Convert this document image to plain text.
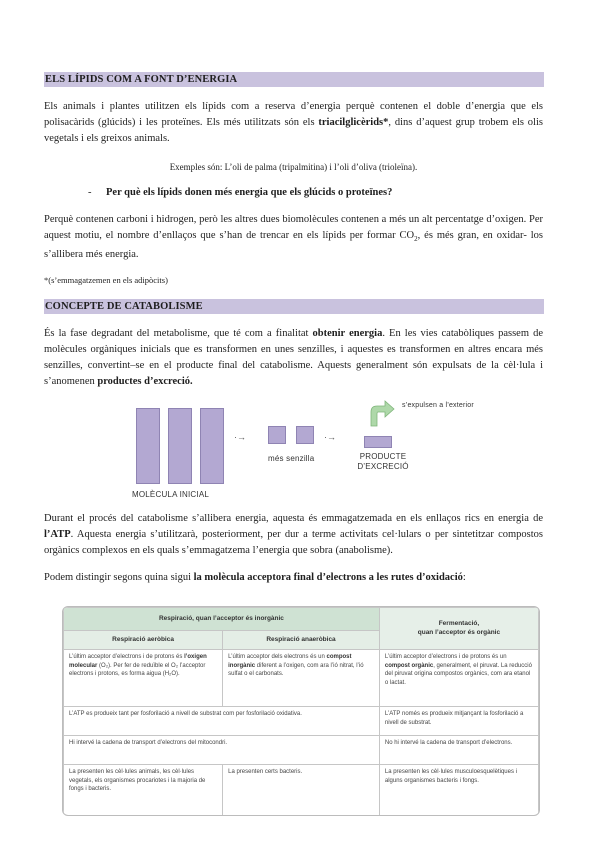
ELS LÍPIDS COM A FONT D’ENERGIA

Els animals i plantes utilitzen els lípids com a reserva d’energia perquè contenen el doble d’energia que els polisacàrids (glúcids) i les proteïnes. Els més utilitzats són els triacilglicèrids*, dins d’aquest grup trobem els olis vegetals i els greixos animals.

Exemples són: L’oli de palma (tripalmitina) i l’oli d’oliva (trioleïna).
- Per què els lípids donen més energia que els glúcids o proteïnes?

Perquè contenen carboni i hidrogen, però les altres dues biomolècules contenen a més un alt percentatge d’oxigen. Per aquest motiu, el nombre d’enllaços que s’han de trencar en els lípids per formar $CO_2$, és més gran, en oxidar- los s’allibera més energia.

*(s’emmagatzemen en els adipòcits)
CONCEPTE DE CATABOLISME

És la fase degradant del metabolisme, que té com a finalitat obtenir energia. En les vies catabòliques passem de molècules orgàniques inicials que es transformen en unes senzilles, i aquestes es transformen en altres encara més senzilles, convertint–se en el producte final del catabolisme. Aquests generalment són expulsats de la cèl·lula i s’anomenen productes d’excreció.

·→	·→
s’expulsen a l’exterior
més senzilla	PRODUCTE
D’EXCRECIÓ
MOLÈCULA INICIAL

Durant el procés del catabolisme s’allibera energia, aquesta és emmagatzemada en els enllaços rics en energia de l’ATP. Aquesta energia s’utilitzarà, posteriorment, per dur a terme activitats cel·lulars o per sintetitzar compostos orgànics complexos en els quals s’emmagatzema l’energia que sobra (anabolisme).

Podem distingir segons quina sigui la molècula acceptora final d’electrons a les rutes d’oxidació:

Respiració, quan l’acceptor és inorgànic		Fermentació,
quan l’acceptor és orgànic
Respiració aeròbica	Respiració anaeròbica	
L’últim acceptor d’electrons i de protons és l’oxigen molecular (O₂). Per fer de reduïble el O₂ l’acceptor electrons i protons, es forma aigua (H₂O).	L’últim acceptor dels electrons és un compost inorgànic diferent a l’oxigen, com ara l’ió nitrat, l’ió sulfat o el carbonats.	L’últim acceptor d’electrons i de protons és un compost orgànic, generalment, el piruvat. La reducció del piruvat origina compostos orgànics, com ara etanol o lactat.
L’ATP es produeix tant per fosforilació a nivell de substrat com per fosforilació oxidativa.		L’ATP només es produeix mitjançant la fosforilació a nivell de substrat.
Hi intervé la cadena de transport d’electrons del mitocondri.		No hi intervé la cadena de transport d’electrons.
La presenten les cèl·lules animals, les cèl·lules vegetals, els organismes procariotes i la majoria de fongs i bacteris.	La presenten certs bacteris.	La presenten les cèl·lules musculoesquelètiques i alguns organismes bacteris i fongs.
